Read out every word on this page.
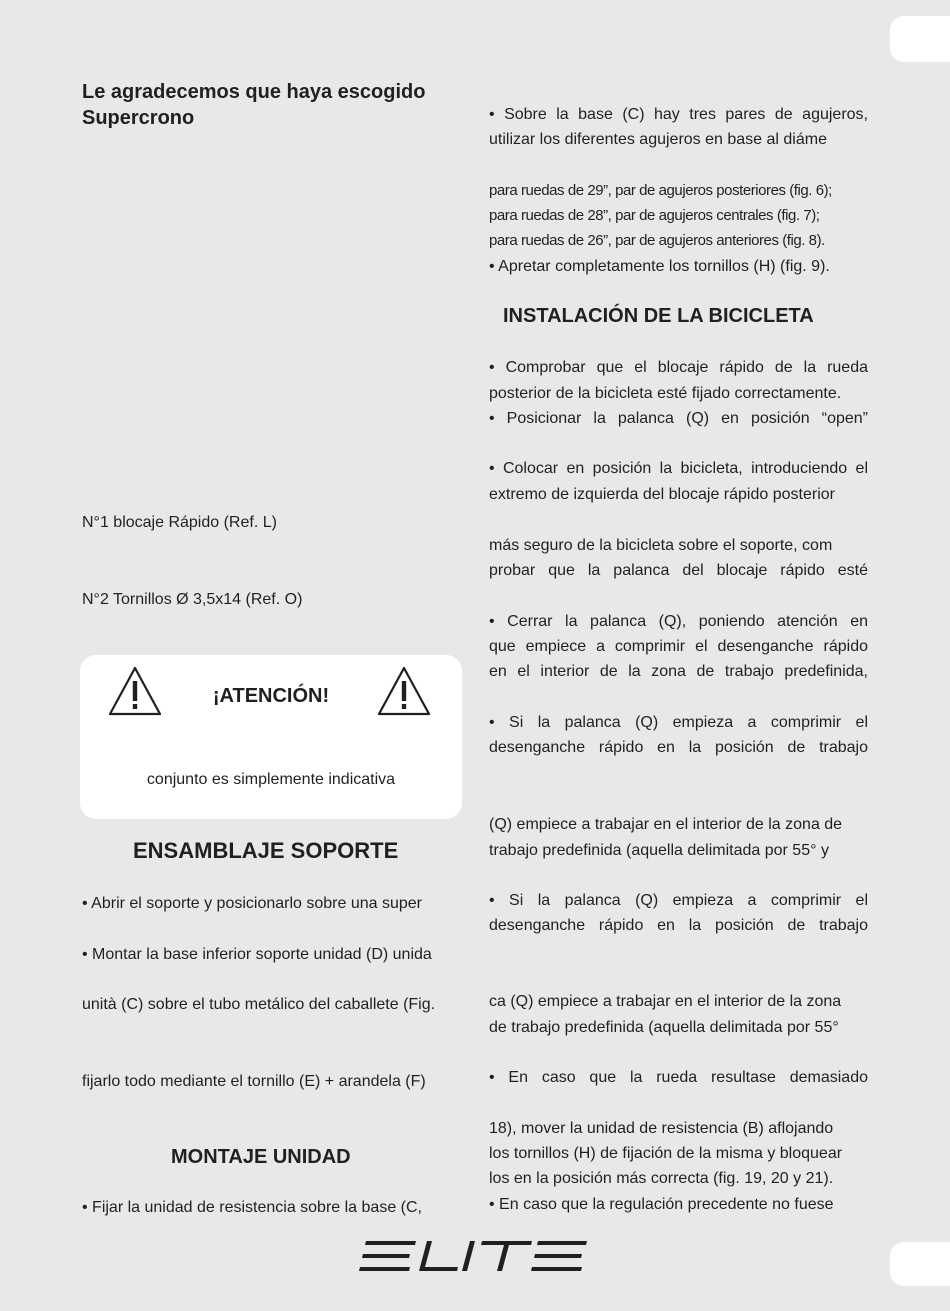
Le agradecemos que haya escogido
Supercrono
N°1 blocaje Rápido (Ref. L)
N°2 Tornillos Ø 3,5x14 (Ref. O)
¡ATENCIÓN!
conjunto es simplemente indicativa
ENSAMBLAJE SOPORTE
• Abrir el soporte y posicionarlo sobre una super
• Montar la base inferior soporte unidad (D) unida
unità (C) sobre el tubo metálico del caballete (Fig.
fijarlo todo mediante el tornillo (E) + arandela (F)
MONTAJE UNIDAD
• Fijar la unidad de resistencia sobre la base (C,
• Sobre la base (C) hay tres pares de agujeros,
utilizar los diferentes agujeros en base al diáme
para ruedas de 29”, par de agujeros posteriores (fig. 6);
para ruedas de 28”, par de agujeros centrales (fig. 7);
para ruedas de 26”, par de agujeros anteriores (fig. 8).
• Apretar completamente los tornillos (H) (fig. 9).
INSTALACIÓN DE LA BICICLETA
• Comprobar que el blocaje rápido de la rueda
posterior de la bicicleta esté fijado correctamente.
• Posicionar la palanca (Q) en posición “open”
• Colocar en posición la bicicleta, introduciendo el
extremo de izquierda del blocaje rápido posterior
más seguro de la bicicleta sobre el soporte, com
probar que la palanca del blocaje rápido esté
• Cerrar la palanca (Q), poniendo atención en
que empiece a comprimir el desenganche rápido
en el interior de la zona de trabajo predefinida,
• Si la palanca (Q) empieza a comprimir el
desenganche rápido en la posición de trabajo
(Q) empiece a trabajar en el interior de la zona de
trabajo predefinida (aquella delimitada por 55° y
• Si la palanca (Q) empieza a comprimir el
desenganche rápido en la posición de trabajo
ca (Q) empiece a trabajar en el interior de la zona
de trabajo predefinida (aquella delimitada por 55°
• En caso que la rueda resultase demasiado
18), mover la unidad de resistencia (B) aflojando
los tornillos (H) de fijación de la misma y bloquear
los en la posición más correcta (fig. 19, 20 y 21).
• En caso que la regulación precedente no fuese
